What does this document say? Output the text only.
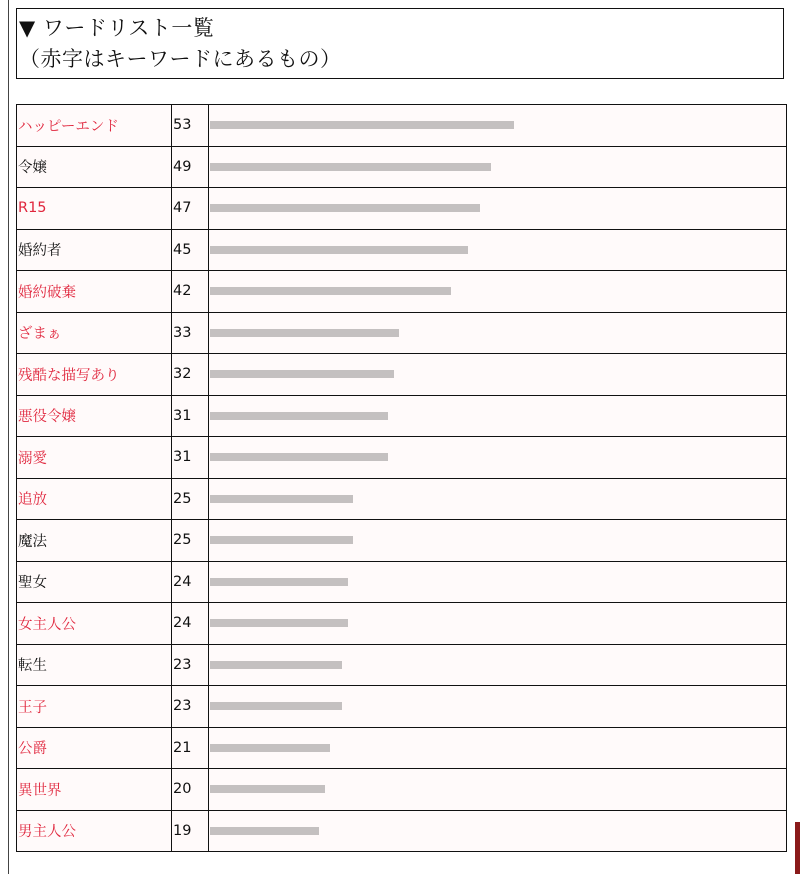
▼ ワードリスト一覧
（赤字はキーワードにあるもの）
ハッピーエンド	53	

令嬢	49	

R15	47	

婚約者	45	

婚約破棄	42	

ざまぁ	33	

残酷な描写あり	32	

悪役令嬢	31	

溺愛	31	

追放	25	

魔法	25	

聖女	24	

女主人公	24	

転生	23	

王子	23	

公爵	21	

異世界	20	

男主人公	19	
